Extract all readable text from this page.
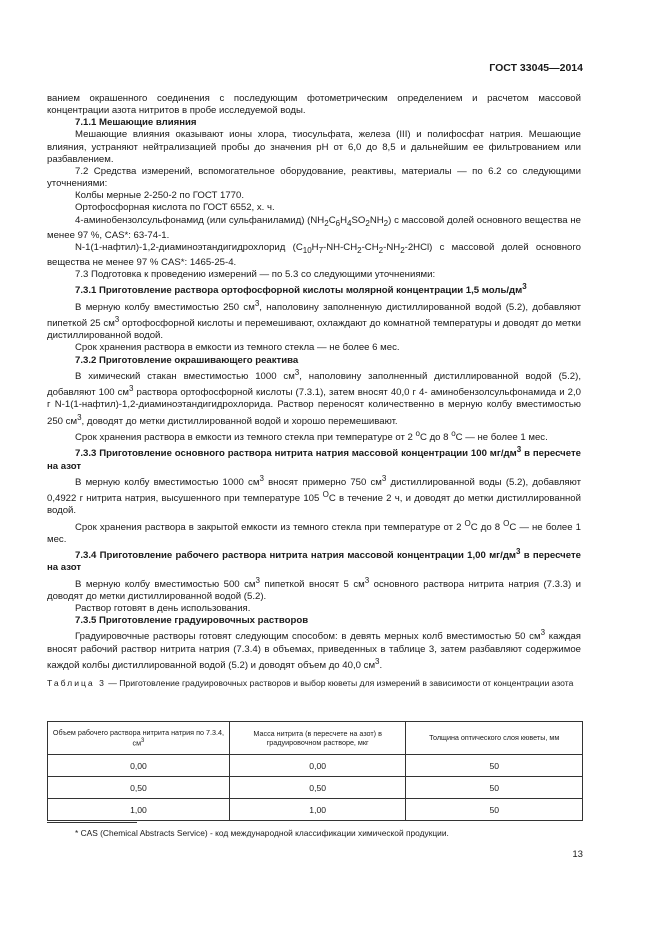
ГОСТ 33045—2014

ванием окрашенного соединения с последующим фотометрическим определением и расчетом массовой концентрации азота нитритов в пробе исследуемой воды.

7.1.1 Мешающие влияния

Мешающие влияния оказывают ионы хлора, тиосульфата, железа (III) и полифосфат натрия. Мешающие влияния, устраняют нейтрализацией пробы до значения pH от 6,0 до 8,5 и дальнейшим ее фильтрованием или разбавлением.

7.2 Средства измерений, вспомогательное оборудование, реактивы, материалы — по 6.2 со следующими уточнениями:

Колбы мерные 2-250-2 по ГОСТ 1770.

Ортофосфорная кислота по ГОСТ 6552, х. ч.

4-аминобензолсульфонамид (или сульфаниламид) $(NH_2C_6H_4SO_2NH_2)$ с массовой долей основного вещества не менее 97 %, CAS*: 63-74-1.

N-1(1-нафтил)-1,2-диаминоэтандигидрохлорид $(C_{10}H_7-NH-CH_2-CH_2-NH_2-2HCl)$ с массовой долей основного вещества не менее 97 % CAS*: 1465-25-4.

7.3 Подготовка к проведению измерений — по 5.3 со следующими уточнениями:

7.3.1 Приготовление раствора ортофосфорной кислоты молярной концентрации 1,5 моль/$дм^3$

В мерную колбу вместимостью 250 $см^3$, наполовину заполненную дистиллированной водой (5.2), добавляют пипеткой 25 $см^3$ ортофосфорной кислоты и перемешивают, охлаждают до комнатной температуры и доводят до метки дистиллированной водой.

Срок хранения раствора в емкости из темного стекла — не более 6 мес.

7.3.2 Приготовление окрашивающего реактива

В химический стакан вместимостью 1000 $см^3$, наполовину заполненный дистиллированной водой (5.2), добавляют 100 $см^3$ раствора ортофосфорной кислоты (7.3.1), затем вносят 40,0 г 4- аминобензолсульфонамида и 2,0 г N-1(1-нафтил)-1,2-диаминоэтандигидрохлорида. Раствор переносят количественно в мерную колбу вместимостью 250 $см^3$, доводят до метки дистиллированной водой и хорошо перемешивают.

Срок хранения раствора в емкости из темного стекла при температуре от 2 $^о$C до 8 $^о$C — не более 1 мес.

7.3.3 Приготовление основного раствора нитрита натрия массовой концентрации 100 $мг/дм^3$ в пересчете на азот

В мерную колбу вместимостью 1000 $см^3$ вносят примерно 750 $см^3$ дистиллированной воды (5.2), добавляют 0,4922 г нитрита натрия, высушенного при температуре 105 $^О$C в течение 2 ч, и доводят до метки дистиллированной водой.

Срок хранения раствора в закрытой емкости из темного стекла при температуре от 2 $^О$C до 8 $^О$C — не более 1 мес.

7.3.4 Приготовление рабочего раствора нитрита натрия массовой концентрации 1,00 $мг/дм^3$ в пересчете на азот

В мерную колбу вместимостью 500 $см^3$ пипеткой вносят 5 $см^3$ основного раствора нитрита натрия (7.3.3) и доводят до метки дистиллированной водой (5.2).

Раствор готовят в день использования.

7.3.5 Приготовление градуировочных растворов

Градуировочные растворы готовят следующим способом: в девять мерных колб вместимостью 50 $см^3$ каждая вносят рабочий раствор нитрита натрия (7.3.4) в объемах, приведенных в таблице 3, затем разбавляют содержимое каждой колбы дистиллированной водой (5.2) и доводят объем до 40,0 $см^3$.

Таблица 3 — Приготовление градуировочных растворов и выбор кюветы для измерений в зависимости от концентрации азота

Объем рабочего раствора нитрита натрия по 7.3.4, $см^3$	Масса нитрита (в пересчете на азот) в градуировочном растворе, мкг	Толщина оптического слоя кюветы, мм
0,00	0,00	50
0,50	0,50	50
1,00	1,00	50
* CAS (Chemical Abstracts Service) - код международной классификации химической продукции.
13
